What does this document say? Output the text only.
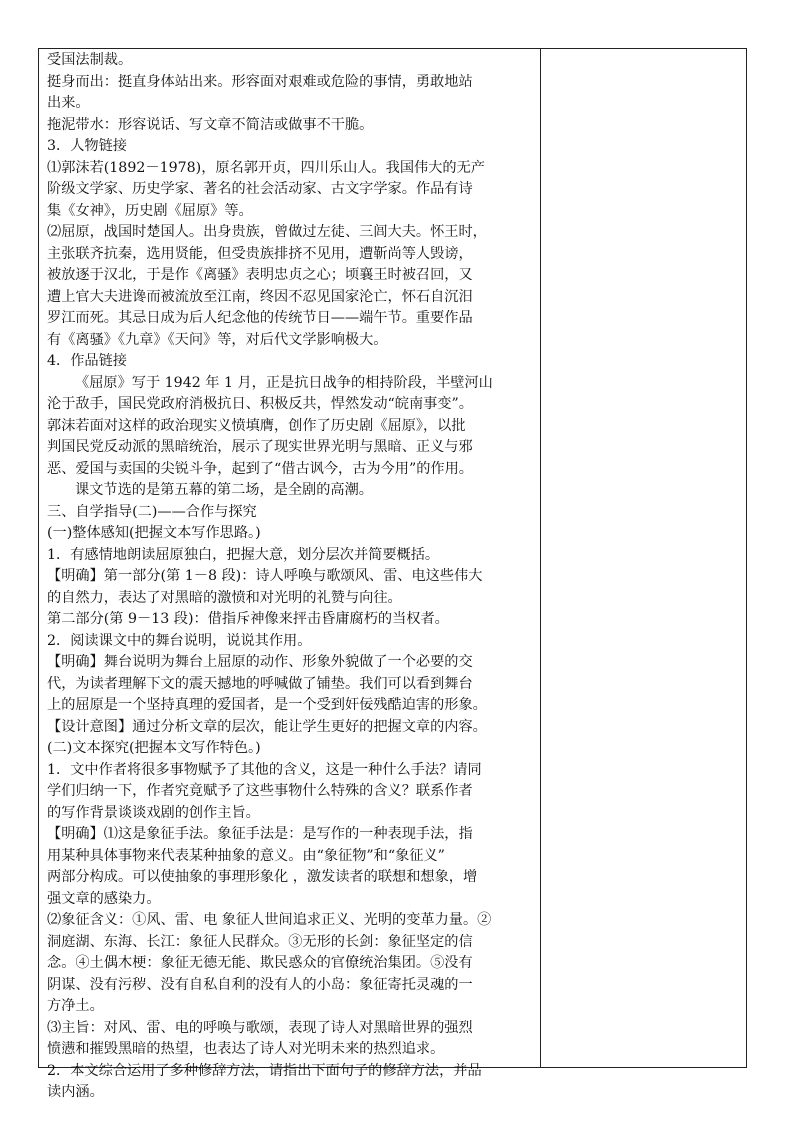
受国法制裁。
挺身而出：挺直身体站出来。形容面对艰难或危险的事情，勇敢地站
出来。
拖泥带水：形容说话、写文章不简洁或做事不干脆。
3．人物链接
⑴郭沫若(1892－1978)，原名郭开贞，四川乐山人。我国伟大的无产
阶级文学家、历史学家、著名的社会活动家、古文字学家。作品有诗
集《女神》，历史剧《屈原》等。
⑵屈原，战国时楚国人。出身贵族，曾做过左徒、三闾大夫。怀王时，
主张联齐抗秦，选用贤能，但受贵族排挤不见用，遭靳尚等人毁谤，
被放逐于汉北，于是作《离骚》表明忠贞之心；顷襄王时被召回，又
遭上官大夫进谗而被流放至江南，终因不忍见国家沦亡，怀石自沉汨
罗江而死。其忌日成为后人纪念他的传统节日——端午节。重要作品
有《离骚》《九章》《天问》等，对后代文学影响极大。
4．作品链接
《屈原》写于 1942 年 1 月，正是抗日战争的相持阶段，半壁河山
沦于敌手，国民党政府消极抗日、积极反共，悍然发动“皖南事变”。
郭沫若面对这样的政治现实义愤填膺，创作了历史剧《屈原》，以批
判国民党反动派的黑暗统治，展示了现实世界光明与黑暗、正义与邪
恶、爱国与卖国的尖锐斗争，起到了“借古讽今，古为今用”的作用。
课文节选的是第五幕的第二场，是全剧的高潮。
三、自学指导(二)——合作与探究
(一)整体感知(把握文本写作思路。)
1．有感情地朗读屈原独白，把握大意，划分层次并简要概括。
【明确】第一部分(第 1－8 段)：诗人呼唤与歌颂风、雷、电这些伟大
的自然力，表达了对黑暗的激愤和对光明的礼赞与向往。
第二部分(第 9－13 段)：借指斥神像来抨击昏庸腐朽的当权者。
2．阅读课文中的舞台说明，说说其作用。
【明确】舞台说明为舞台上屈原的动作、形象外貌做了一个必要的交
代，为读者理解下文的震天撼地的呼喊做了铺垫。我们可以看到舞台
上的屈原是一个坚持真理的爱国者，是一个受到奸佞残酷迫害的形象。
【设计意图】通过分析文章的层次，能让学生更好的把握文章的内容。
(二)文本探究(把握本文写作特色。)
1．文中作者将很多事物赋予了其他的含义，这是一种什么手法？请同
学们归纳一下，作者究竟赋予了这些事物什么特殊的含义？联系作者
的写作背景谈谈戏剧的创作主旨。
【明确】⑴这是象征手法。象征手法是：是写作的一种表现手法，指
用某种具体事物来代表某种抽象的意义。由“象征物”和“象征义”
两部分构成。可以使抽象的事理形象化 ，激发读者的联想和想象，增
强文章的感染力。
⑵象征含义：①风、雷、电 象征人世间追求正义、光明的变革力量。②
洞庭湖、东海、长江：象征人民群众。③无形的长剑：象征坚定的信
念。④土偶木梗：象征无德无能、欺民惑众的官僚统治集团。⑤没有
阴谋、没有污秽、没有自私自利的没有人的小岛：象征寄托灵魂的一
方净土。
⑶主旨：对风、雷、电的呼唤与歌颂，表现了诗人对黑暗世界的强烈
愤懑和摧毁黑暗的热望，也表达了诗人对光明未来的热烈追求。
2．本文综合运用了多种修辞方法，请指出下面句子的修辞方法，并品
读内涵。
